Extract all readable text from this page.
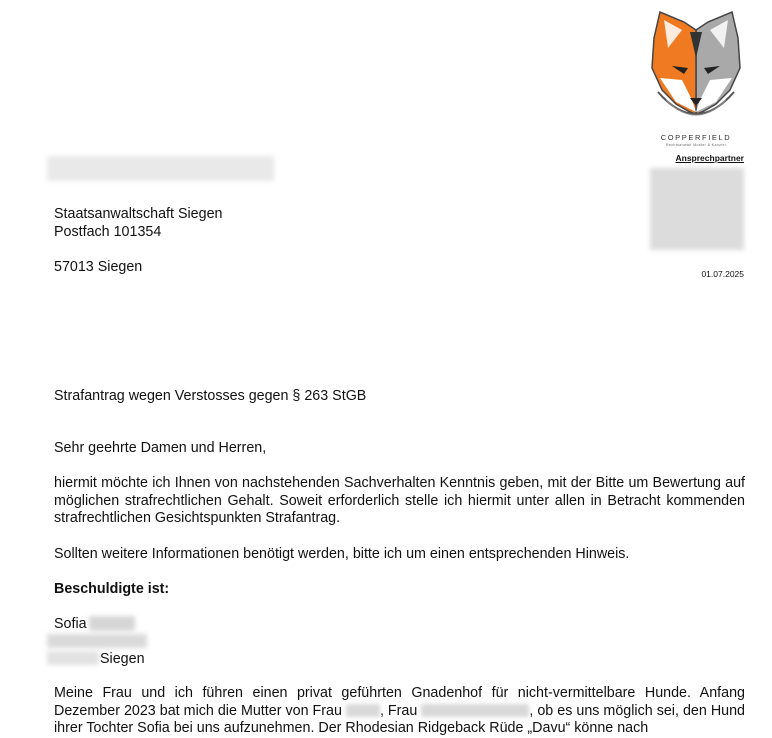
COPPERFIELD
Rechtsanwalt Muster & Kanzlei
Ansprechpartner
01.07.2025
Staatsanwaltschaft Siegen
Postfach 101354
57013 Siegen
Strafantrag wegen Verstosses gegen § 263 StGB
Sehr geehrte Damen und Herren,
hiermit möchte ich Ihnen von nachstehenden Sachverhalten Kenntnis geben, mit der Bitte um Bewertung auf möglichen strafrechtlichen Gehalt. Soweit erforderlich stelle ich hiermit unter allen in Betracht kommenden strafrechtlichen Gesichtspunkten Strafantrag.
Sollten weitere Informationen benötigt werden, bitte ich um einen entsprechenden Hinweis.
Beschuldigte ist:
Sofia
Siegen
Meine Frau und ich führen einen privat geführten Gnadenhof für nicht-vermittelbare Hunde. Anfang Dezember 2023 bat mich die Mutter von Frau	, Frau	, ob es uns möglich sei, den Hund ihrer Tochter Sofia bei uns aufzunehmen. Der Rhodesian Ridgeback Rüde „Davu“ könne nach
